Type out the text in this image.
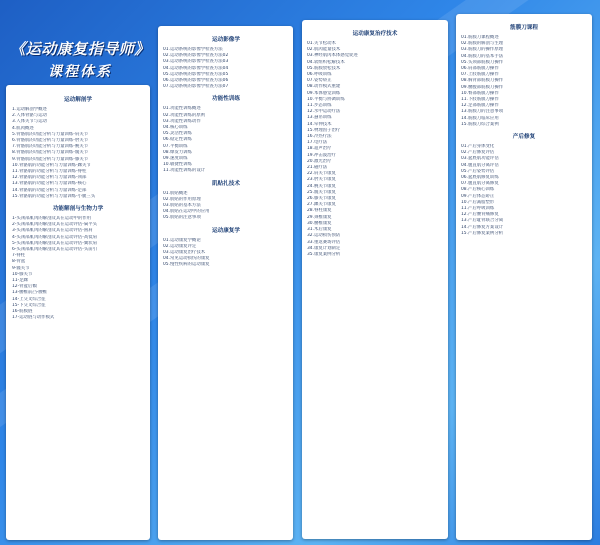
《运动康复指导师》
课程体系
运动解剖学
1.运动解剖学概述
2.人体骨骼与运动
3.人体关节与运动
4.肌肉概述
5.骨骼肌的功能分析与力量训练-肩关节
6.骨骼肌的功能分析与力量训练-肘关节
7.骨骼肌的功能分析与力量训练-腕关节
8.骨骼肌的功能分析与力量训练-髋关节
9.骨骼肌的功能分析与力量训练-膝关节
10.骨骼肌的功能分析与力量训练-踝关节
11.骨骼肌的功能分析与力量训练-脊柱
12.骨骼肌的功能分析与力量训练-颈部
13.骨骼肌的功能分析与力量训练-核心
14.骨骼肌的功能分析与力量训练-足部
15.骨骼肌的功能分析与力量训练-小腿三头
功能解剖与生物力学
1-头颈部肌肉的解剖及其在运动中的作用
2-头颈部肌肉的解剖及其在运动评估-扁平头
3-头颈部肌肉的解剖及其在运动评估-圆肩
4-头颈部肌肉的解剖及其在运动评估-高低肩
5-头颈部肌肉的解剖及其在运动评估-翼状肩
6-头颈部肌肉的解剖及其在运动评估-头前引
7-脊柱
8-骨盆
9-髋关节
10-膝关节
11-足踝
12-骨盆后倾
13-腰椎前凸-腰椎
14-上交叉综合征
15-下交叉综合征
16-筋膜链
17-运动链与动作模式
运动影像学
01.运动系统的影像学检查方法
02.运动系统的影像学检查方法02
03.运动系统的影像学检查方法03
04.运动系统的影像学检查方法04
05.运动系统的影像学检查方法05
06.运动系统的影像学检查方法06
07.运动系统的影像学检查方法07
功能性训练
01.功能性训练概述
02.功能性训练的原则
03.功能性训练动作
04.核心训练
05.灵活性训练
06.稳定性训练
07.平衡训练
08.爆发力训练
09.速度训练
10.敏捷性训练
11.功能性训练的设计
肌贴扎技术
01.肌贴概述
02.肌贴的作用原理
03.肌贴的基本方法
04.肌贴在运动中的应用
05.肌贴的注意事项
运动康复学
01.运动康复学概论
02.运动康复评定
03.运动康复治疗技术
04.常见运动损伤的康复
05.慢性疾病的运动康复
运动康复治疗技术
01.关节松动术
02.肌肉能量技术
03.神经肌肉本体感觉促进
04.软组织松解技术
05.筋膜放松技术
06.呼吸训练
07.姿势矫正
08.动作模式重建
09.本体感觉训练
10.平衡与协调训练
11.步态训练
12.水中运动疗法
13.悬吊训练
14.牵伸技术
15.物理因子治疗
16.冷热疗法
17.电疗法
18.超声治疗
19.冲击波治疗
20.激光治疗
21.磁疗法
22.肩关节康复
23.肘关节康复
24.腕关节康复
25.髋关节康复
26.膝关节康复
27.踝关节康复
28.脊柱康复
29.颈椎康复
30.腰椎康复
31.术后康复
32.运动损伤预防
33.重返赛场评估
34.康复计划制定
35.康复案例分析
筋膜刀课程
01.筋膜刀课程概述
02.筋膜的解剖与生理
03.筋膜刀的操作原理
04.筋膜刀的基本手法
05.头颈部筋膜刀操作
06.肩部筋膜刀操作
07.上肢筋膜刀操作
08.胸背部筋膜刀操作
09.腰腹部筋膜刀操作
10.臀部筋膜刀操作
11.下肢筋膜刀操作
12.足部筋膜刀操作
13.筋膜刀的注意事项
14.筋膜刀临床应用
15.筋膜刀综合案例
产后修复
01.产后身体变化
02.产后修复评估
03.盆底肌功能评估
04.腹直肌分离评估
05.产后姿势评估
06.盆底肌修复训练
07.腹直肌分离修复
08.产后核心训练
09.产后体态矫正
10.产后减脂塑形
11.产后呼吸训练
12.产后腰背痛修复
13.产后耻骨联合分离
14.产后修复方案设计
15.产后修复案例分析
